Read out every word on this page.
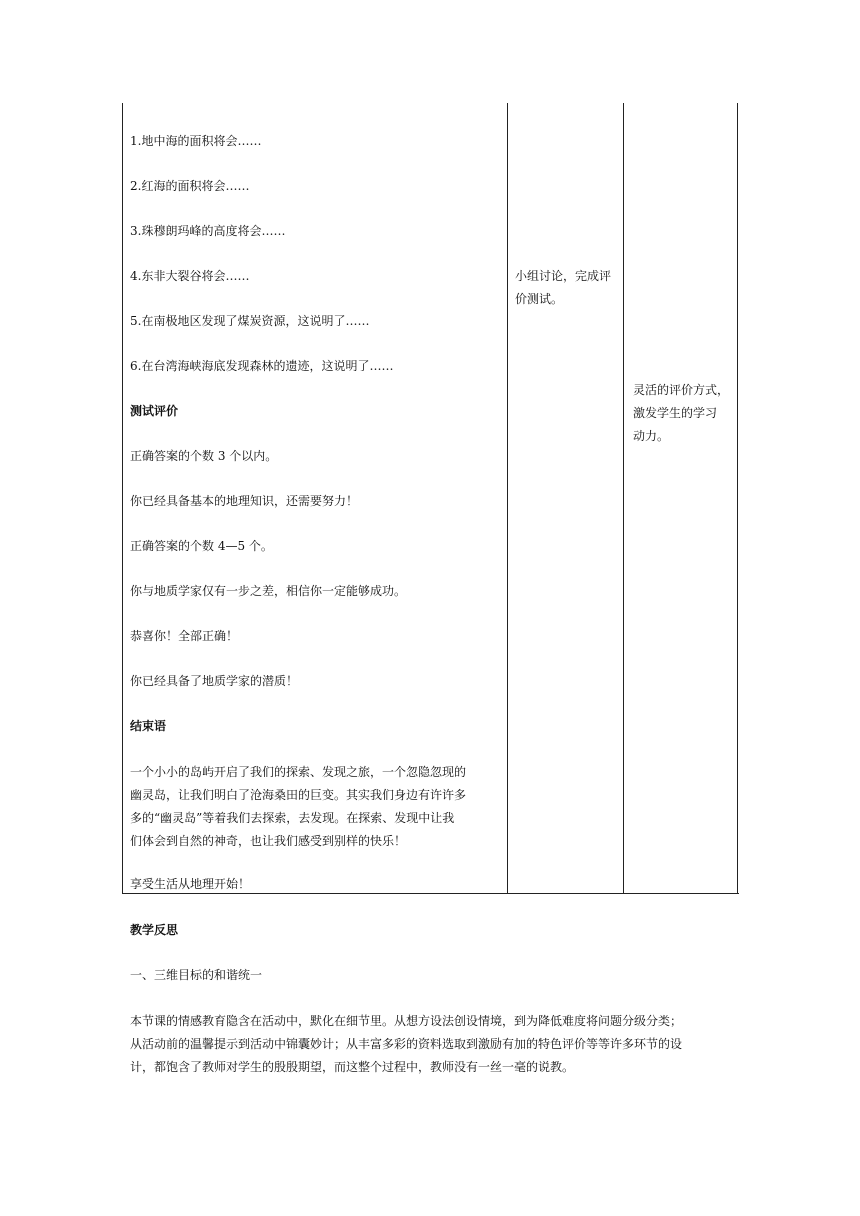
1.地中海的面积将会……
2.红海的面积将会……
3.珠穆朗玛峰的高度将会……
4.东非大裂谷将会……
5.在南极地区发现了煤炭资源，这说明了……
6.在台湾海峡海底发现森林的遗迹，这说明了……
测试评价
正确答案的个数 3 个以内。
你已经具备基本的地理知识，还需要努力！
正确答案的个数 4—5 个。
你与地质学家仅有一步之差，相信你一定能够成功。
恭喜你！全部正确！
你已经具备了地质学家的潜质！
结束语
一个小小的岛屿开启了我们的探索、发现之旅，一个忽隐忽现的
幽灵岛，让我们明白了沧海桑田的巨变。其实我们身边有许许多
多的“幽灵岛”等着我们去探索，去发现。在探索、发现中让我
们体会到自然的神奇，也让我们感受到别样的快乐！
享受生活从地理开始！
小组讨论，完成评
价测试。
灵活的评价方式，
激发学生的学习
动力。
教学反思
一、三维目标的和谐统一
本节课的情感教育隐含在活动中，默化在细节里。从想方设法创设情境，到为降低难度将问题分级分类；
从活动前的温馨提示到活动中锦囊妙计；从丰富多彩的资料选取到激励有加的特色评价等等许多环节的设
计，都饱含了教师对学生的殷殷期望，而这整个过程中，教师没有一丝一毫的说教。
